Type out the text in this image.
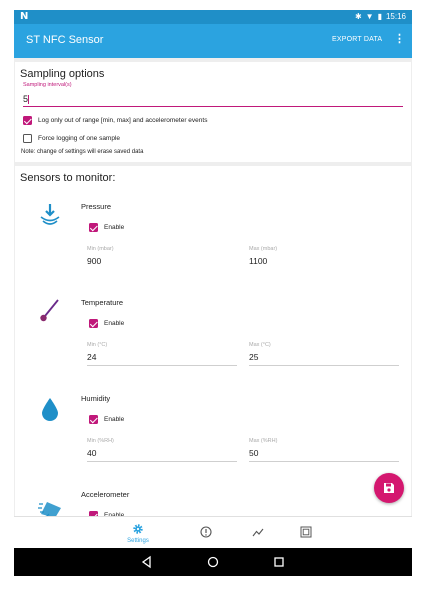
N	✱ ▼ ▮ 15:16
ST NFC Sensor	EXPORT DATA ⋮
Sampling options
Sampling interval(s)
5
Log only out of range [min, max] and accelerometer events
Force logging of one sample
Note: change of settings will erase saved data
Sensors to monitor:
Pressure
Enable
Min (mbar)
900
Max (mbar)
1100
Temperature
Enable
Min (°C)
24
Max (°C)
25
Humidity
Enable
Min (%RH)
40
Max (%RH)
50
Accelerometer
Settings
